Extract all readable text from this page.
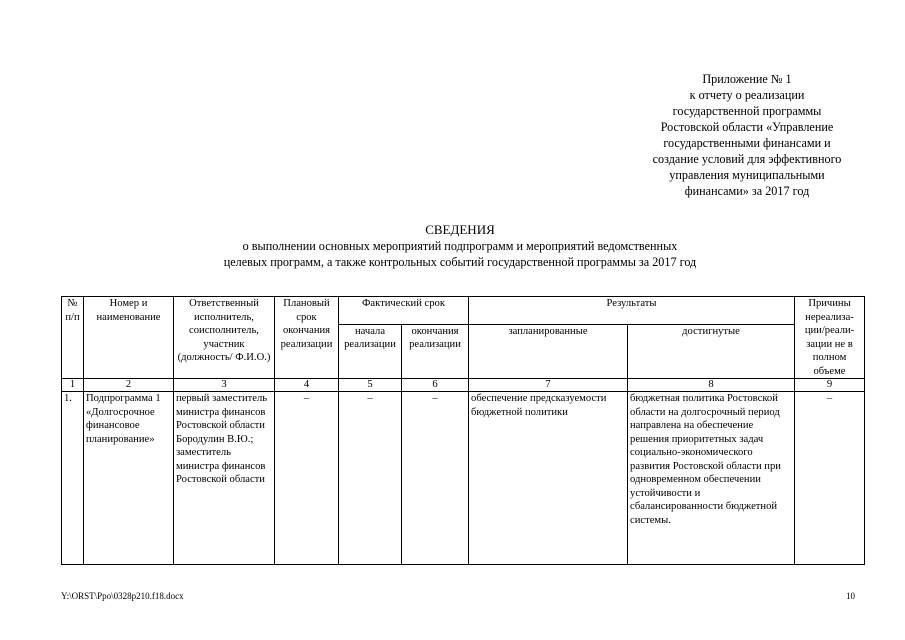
Приложение № 1
к отчету о реализации
государственной программы
Ростовской области «Управление
государственными финансами и
создание условий для эффективного
управления муниципальными
финансами» за 2017 год
СВЕДЕНИЯ
о выполнении основных мероприятий подпрограмм и мероприятий ведомственных
целевых программ, а также контрольных событий государственной программы за 2017 год
№ п/п	Номер и наименование	Ответственный исполнитель, соисполнитель, участник (должность/ Ф.И.О.)	Плановый срок окончания реализации	Фактический срок		Результаты		Причины нереализа-ции/реали-зации не в полном объеме
				начала реализации	окончания реализации	запланированные	достигнутые	
1	2	3	4	5	6	7	8	9
1.	Подпрограмма 1 «Долгосрочное финансовое планирование»	первый заместитель министра финансов Ростовской области Бородулин В.Ю.; заместитель министра финансов Ростовской области	–	–	–	обеспечение предсказуемости бюджетной политики	бюджетная политика Ростовской области на долгосрочный период направлена на обеспечение решения приоритетных задач социально-экономического развития Ростовской области при одновременном обеспечении устойчивости и сбалансированности бюджетной системы.	–
Y:\ORST\Ppo\0328p210.f18.docx	10
